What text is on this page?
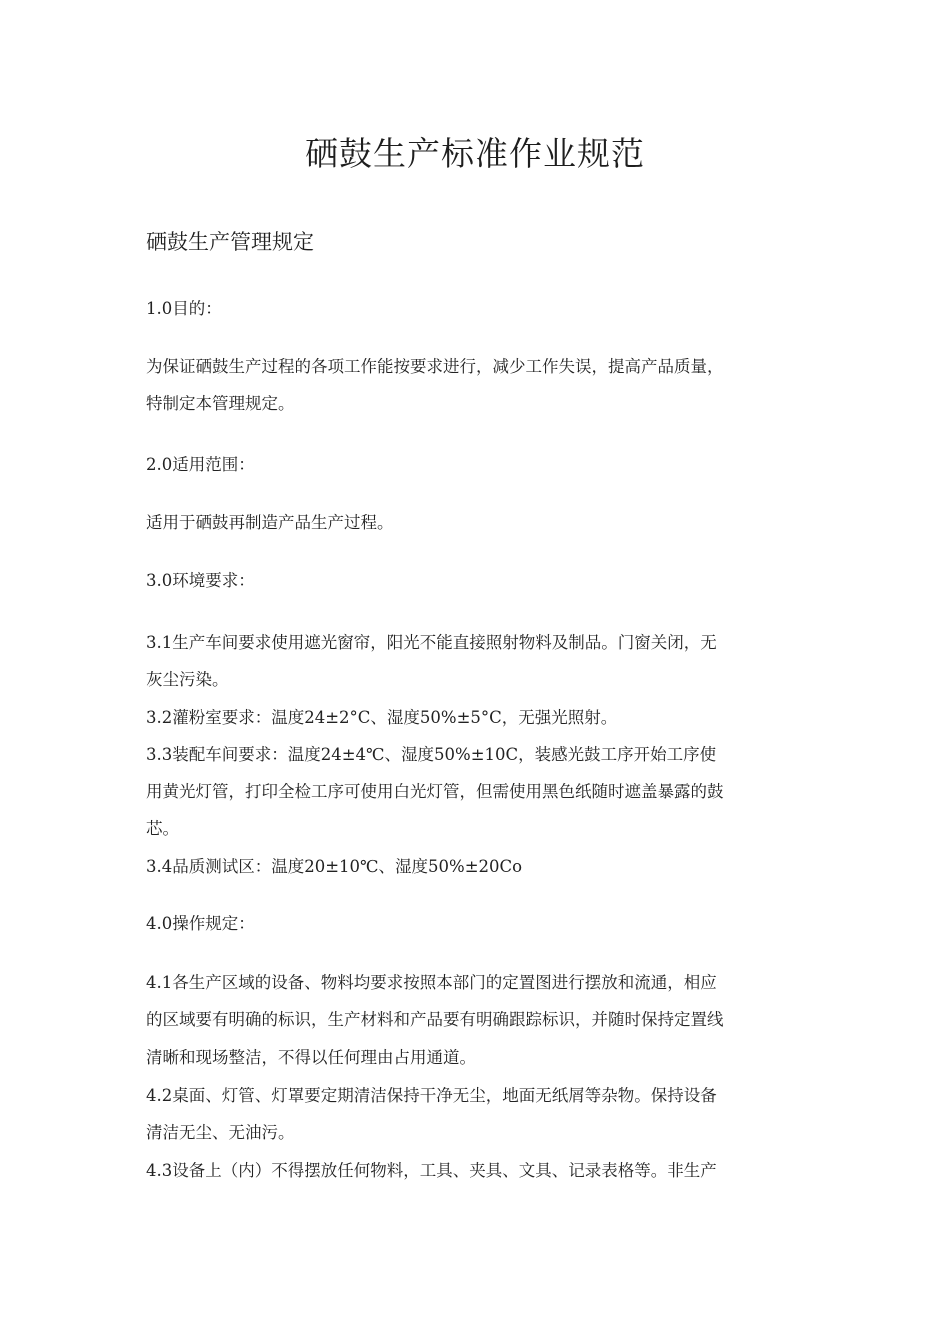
硒鼓生产标准作业规范
硒鼓生产管理规定
1.0目的：
为保证硒鼓生产过程的各项工作能按要求进行，减少工作失误，提高产品质量，
特制定本管理规定。
2.0适用范围：
适用于硒鼓再制造产品生产过程。
3.0环境要求：
3.1生产车间要求使用遮光窗帘，阳光不能直接照射物料及制品。门窗关闭，无
灰尘污染。
3.2灌粉室要求：温度24±2°C、湿度50%±5°C，无强光照射。
3.3装配车间要求：温度24±4℃、湿度50%±10C，装感光鼓工序开始工序使
用黄光灯管，打印全检工序可使用白光灯管，但需使用黑色纸随时遮盖暴露的鼓
芯。
3.4品质测试区：温度20±10℃、湿度50%±20Co
4.0操作规定：
4.1各生产区域的设备、物料均要求按照本部门的定置图进行摆放和流通，相应
的区域要有明确的标识，生产材料和产品要有明确跟踪标识，并随时保持定置线
清晰和现场整洁，不得以任何理由占用通道。
4.2桌面、灯管、灯罩要定期清洁保持干净无尘，地面无纸屑等杂物。保持设备
清洁无尘、无油污。
4.3设备上（内）不得摆放任何物料，工具、夹具、文具、记录表格等。非生产
